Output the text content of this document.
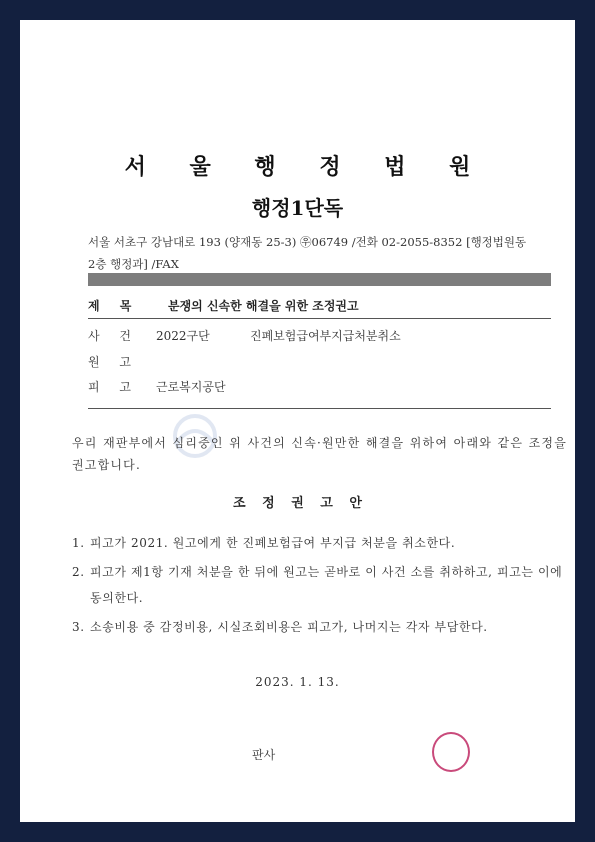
서 울 행 정 법 원
행정1단독
서울 서초구 강남대로 193 (양재동 25-3) ㉾06749 /전화 02-2055-8352 [행정법원동
2층 행정과] /FAX
제 목	분쟁의 신속한 해결을 위한 조정권고
사 건	2022구단	진폐보험급여부지급처분취소
원 고
피 고	근로복지공단
우리 재판부에서 심리중인 위 사건의 신속·원만한 해결을 위하여 아래와 같은 조정을 권고합니다.
조 정 권 고 안
1. 피고가 2021. 원고에게 한 진폐보험급여 부지급 처분을 취소한다.
2. 피고가 제1항 기재 처분을 한 뒤에 원고는 곧바로 이 사건 소를 취하하고, 피고는 이에 동의한다.
3. 소송비용 중 감정비용, 시실조회비용은 피고가, 나머지는 각자 부담한다.
2023. 1. 13.
판사
